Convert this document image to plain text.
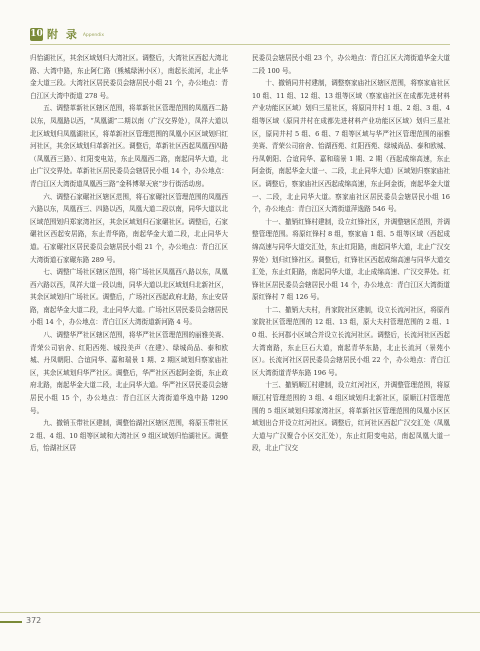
10 附 录 Appendix

归怡湖社区，其余区域划归大湾社区。调整后，大湾社区西起大湾北路、大湾中路，东止阿仁路（熊城绿洲小区），南起长流河，北止华金大道三段。大湾社区居民委员会辖居民小组 21 个，办公地点：青白江区大湾中街道 278 号。

五、调整革新社区辖区范围，将革新社区管理范围的凤凰西二路以东，凤凰路以西，“凤凰湖”二期以南（广汉交界处），凤祥大道以北区域划归凤凰湖社区，将革新社区管理范围的凤凰小区区域划归红河社区，其余区域划归革新社区。调整后，革新社区西起凤凰西四路（凤凰西三路）、红阳变电站，东止凤凰西二路，南起同华大道，北止广汉交界处。革新社区居民委员会辖居民小组 14 个，办公地点：青白江区大湾街道凤凰西三路“金科博翠天宸”步行街活动房。

六、调整石家碾社区辖区范围，将石家碾社区管理范围的凤凰西六路以东，凤凰西三、四路以西，凤凰大道二段以南，同华大道以北区域范围划归郑家湾社区，其余区域划归石家碾社区。调整后，石家碾社区西起安居路，东止青华路，南起华金大道二段，北止同华大道。石家碾社区居民委员会辖居民小组 21 个，办公地点：青白江区大湾街道石家碾东路 289 号。

七、调整广场社区辖区范围，将广场社区凤凰西八路以东，凤凰西六路以西，凤祥大道一段以南，同华大道以北区域划归北新社区，其余区域划归广场社区。调整后，广场社区西起政府北路，东止安居路，南起华金大道二段，北止同华大道。广场社区居民委员会辖居民小组 14 个，办公地点：青白江区大湾街道新河路 4 号。

八、调整华严社区辖区范围，将华严社区管理范围的丽雅美赛、青荣公司宿舍、红阳西苑、城投美声（在建）、绿城尚品、泰和欧城、丹凤朝阳、合谊同华、嘉和瑞景 1 期、2 期区域划归察家庙社区，其余区域划归华严社区。调整后，华严社区西起阿金街，东止政府北路，南起华金大道二段，北止同华大道。华严社区居民委员会辖居民小组 15 个，办公地点：青白江区大湾街道华逸中路 1290 号。

九、撤销玉带社区建制，调整怡湖社区辖区范围，将原玉带社区 2 组、4 组、10 组等区域和大湾社区 9 组区域划归怡湖社区。调整后，怡湖社区居

民委员会辖居民小组 23 个，办公地点：青白江区大湾街道华金大道二段 100 号。

十、撤销同井村建制，调整察家庙社区辖区范围，将察家庙社区 10 组、11 组、12 组、13 组等区域（察家庙社区在成都先进材料产业功能区区域）划归三星社区，将原同井村 1 组、2 组、3 组、4 组等区域（原同井村在成都先进材料产业功能区区域）划归三星社区，原同井村 5 组、6 组、7 组等区域与华严社区管理范围的丽雅美赛、青荣公司宿舍、怡湖西苑、红阳西苑、绿城尚品、泰和欧城、丹凤朝阳、合谊同华、嘉和瑞景 1 期、2 期（西起成绵高速，东止阿金街，南起华金大道一、二段，北止同华大道）区域划归察家庙社区。调整后，察家庙社区西起成绵高速，东止阿金街，南起华金大道一、二段，北止同华大道。察家庙社区居民委员会辖居民小组 16 个，办公地点：青白江区大湾街道萍逸路 546 号。

十一、撤销红锋村建制，设立红锋社区，并调整辖区范围，并调整管理范围。将原红锋村 8 组，察家庙 1 组、5 组等区域（西起成绵高速与同华大道交汇处，东止红阳路，南起同华大道，北止广汉交界处）划归红锋社区。调整后，红锋社区西起成绵高速与同华大道交汇处，东止红阳路，南起同华大道，北止成绵高速、广汉交界处。红锋社区居民委员会辖居民小组 14 个，办公地点：青白江区大湾街道原红锋村 7 组 126 号。

十二、撤销大夫村，肖家院社区建制，设立长流河社区，将原肖家院社区管理范围的 12 组、13 组，原大夫村管理范围的 2 组、10 组、长河郡小区域合并设立长流河社区。调整后，长流河社区西起大湾南路，东止巨石大道，南起青华东路，北止长流河（景苑小区）。长流河社区居民委员会辖居民小组 22 个，办公地点：青白江区大湾街道青华东路 196 号。

十三、撤销顺江村建制，设立红河社区，并调整管理范围，将原顺江村管理范围的 3 组、4 组区域划归北新社区，原顺江村管理范围的 5 组区域划归郑家湾社区，将革新社区管理范围的凤凰小区区域划出合并设立红河社区。调整后，红河社区西起广汉交汇处（凤凰大道与广汉聚合小区交汇处），东止红阳变电站，南起凤凰大道一段，北止广汉交

372
